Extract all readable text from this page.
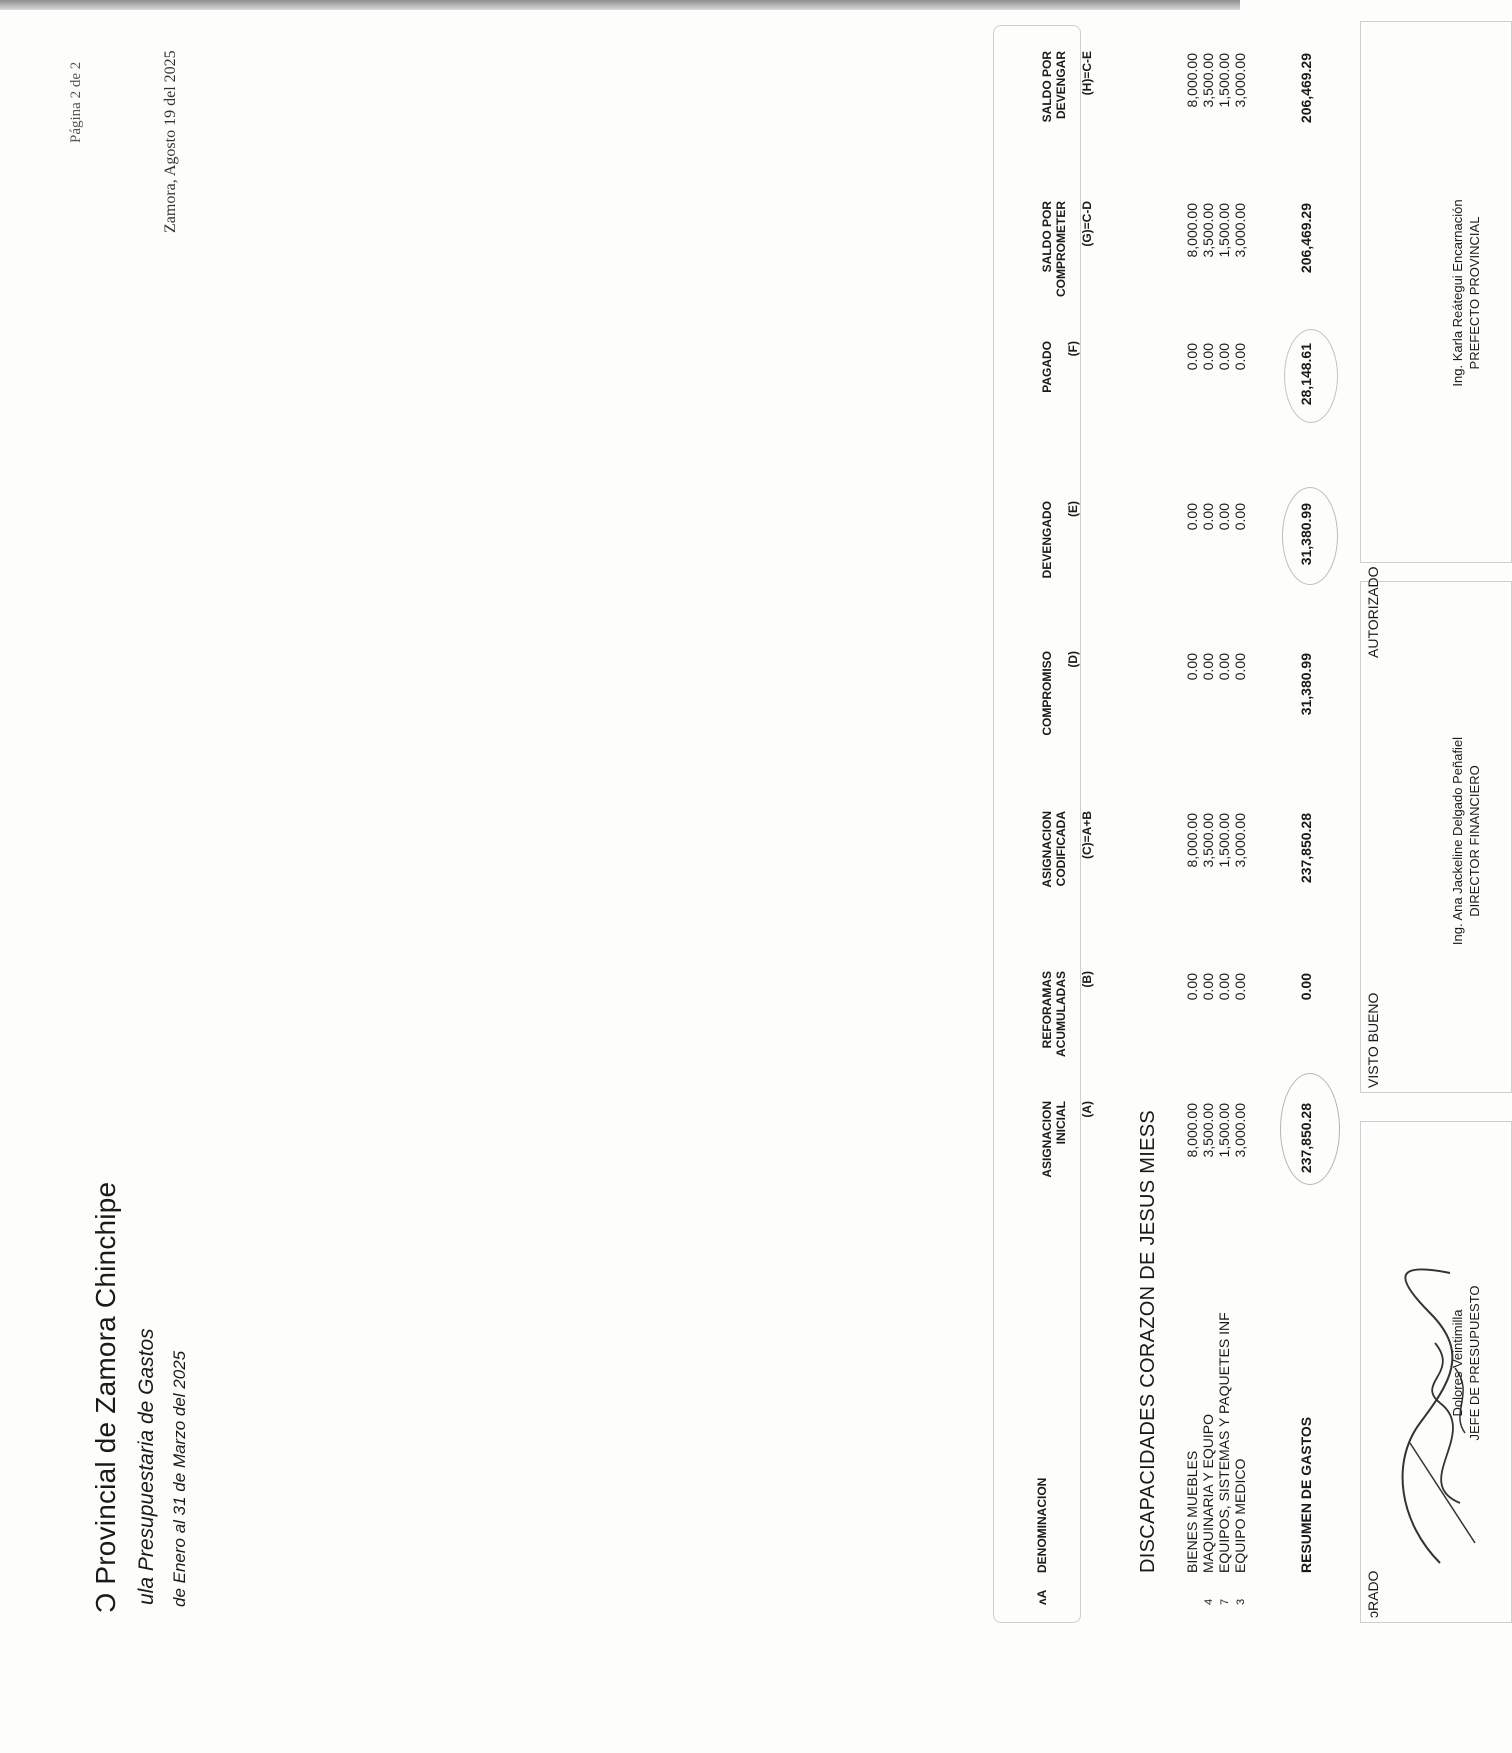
Ɔ Provincial de Zamora Chinchipe ula Presupuestaria de Gastos de Enero al 31 de Marzo del 2025
Zamora, Agosto 19 del 2025
Página 2 de 2
ʌA
DENOMINACION
ASIGNACION INICIAL (A)
REFORAMAS ACUMULADAS (B)
ASIGNACION CODIFICADA (C)=A+B
COMPROMISO (D)
DEVENGADO (E)
PAGADO (F)
SALDO POR COMPROMETER (G)=C-D
SALDO POR DEVENGAR (H)=C-E
DISCAPACIDADES CORAZON DE JESUS MIESS BIENES MUEBLES
8,000.00
0.00
8,000.00
0.00
0.00
0.00
8,000.00
8,000.00
4
MAQUINARIA Y EQUIPO
3,500.00
0.00
3,500.00
0.00
0.00
0.00
3,500.00
3,500.00
7
EQUIPOS, SISTEMAS Y PAQUETES INF
1,500.00
0.00
1,500.00
0.00
0.00
0.00
1,500.00
1,500.00
3
EQUIPO MEDICO
3,000.00
0.00
3,000.00
0.00
0.00
0.00
3,000.00
3,000.00
RESUMEN DE GASTOS
237,850.28
0.00
237,850.28
31,380.99
31,380.99
28,148.61
206,469.29
206,469.29
ɔRADO
VISTO BUENO
AUTORIZADO
Dolores Veintimilla JEFE DE PRESUPUESTO
Ing. Ana Jackeline Delgado Peñafiel DIRECTOR FINANCIERO
Ing. Karla Reátegui Encarnación PREFECTO PROVINCIAL
